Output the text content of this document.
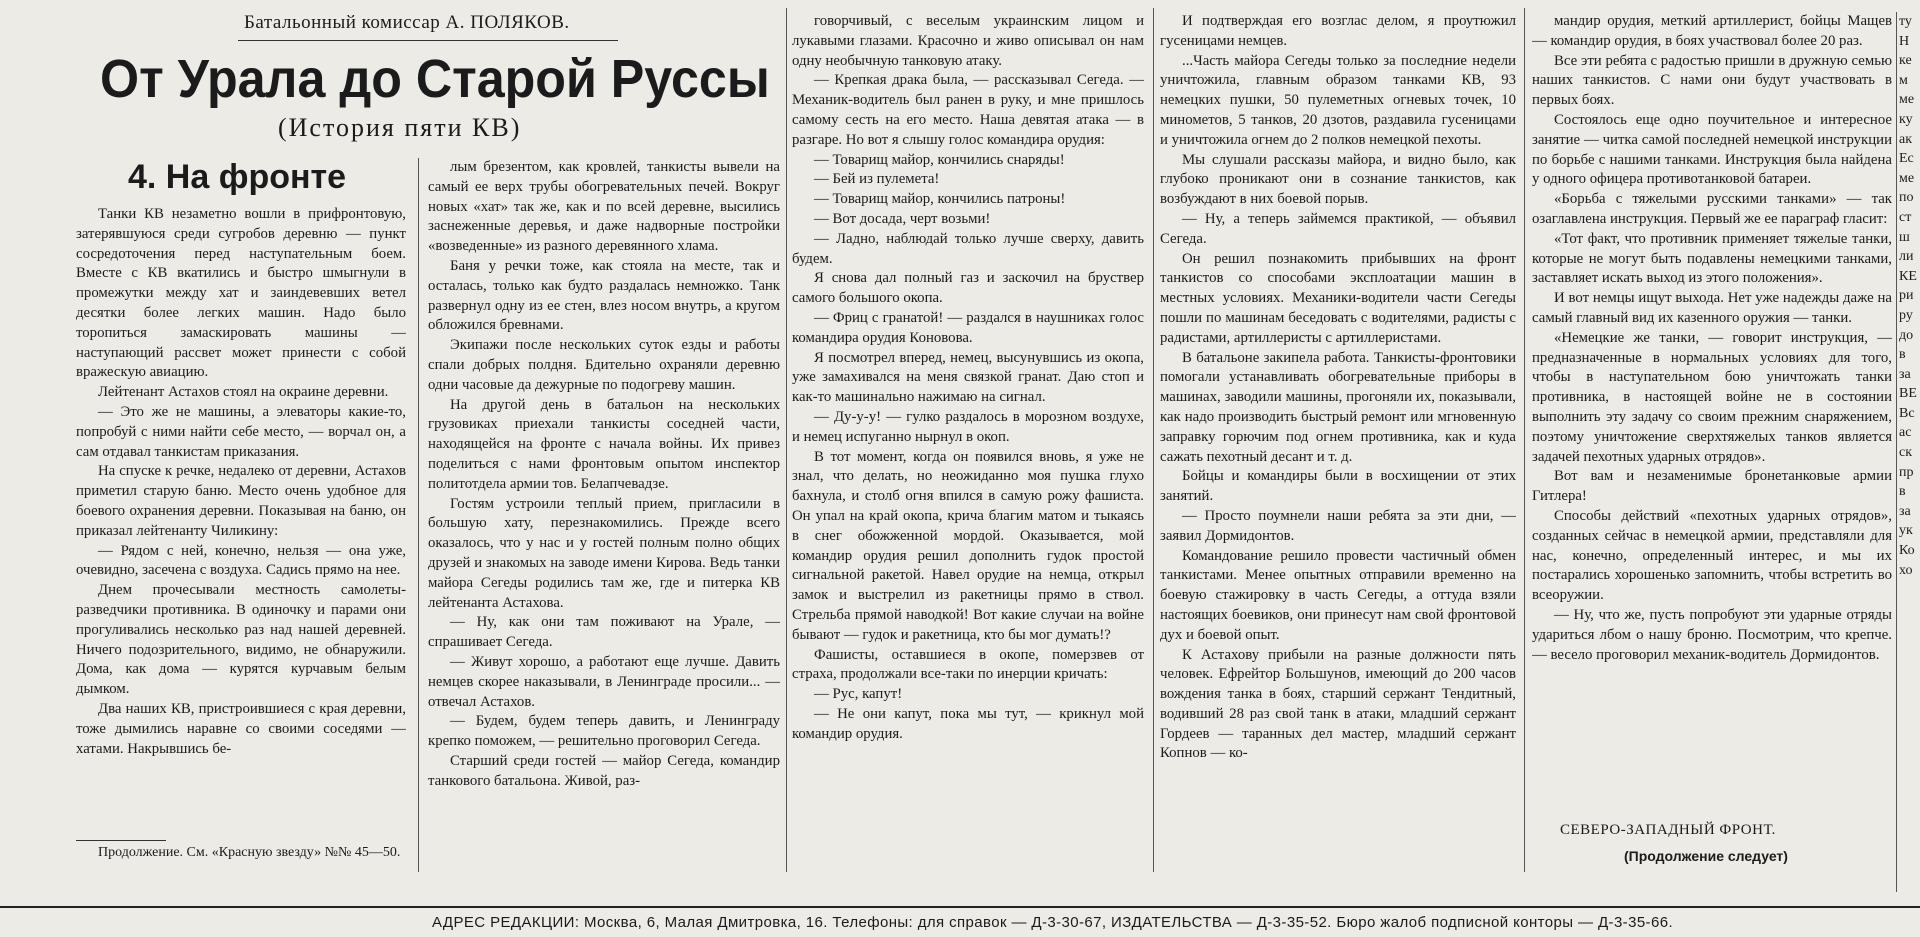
Батальонный комиссар А. ПОЛЯКОВ.
От Урала до Старой Руссы
(История пяти КВ)
4. На фронте

Танки КВ незаметно вошли в прифронтовую, затерявшуюся среди сугробов деревню — пункт сосредоточения перед наступательным боем. Вместе с КВ вкатились и быстро шмыгнули в промежутки между хат и заиндевевших ветел десятки более легких машин. Надо было торопиться замаскировать машины — наступающий рассвет может принести с собой вражескую авиацию.

Лейтенант Астахов стоял на окраине деревни.

— Это же не машины, а элеваторы какие-то, попробуй с ними найти себе место, — ворчал он, а сам отдавал танкистам приказания.

На спуске к речке, недалеко от деревни, Астахов приметил старую баню. Место очень удобное для боевого охранения деревни. Показывая на баню, он приказал лейтенанту Чиликину:

— Рядом с ней, конечно, нельзя — она уже, очевидно, засечена с воздуха. Садись прямо на нее.

Днем прочесывали местность самолеты-разведчики противника. В одиночку и парами они прогуливались несколько раз над нашей деревней. Ничего подозрительного, видимо, не обнаружили. Дома, как дома — курятся курчавым белым дымком.

Два наших КВ, пристроившиеся с края деревни, тоже дымились наравне со своими соседями — хатами. Накрывшись бе-

Продолжение. См. «Красную звезду» №№ 45—50.

лым брезентом, как кровлей, танкисты вывели на самый ее верх трубы обогревательных печей. Вокруг новых «хат» так же, как и по всей деревне, высились заснеженные деревья, и даже надворные постройки «возведенные» из разного деревянного хлама.

Баня у речки тоже, как стояла на месте, так и осталась, только как будто раздалась немножко. Танк развернул одну из ее стен, влез носом внутрь, а кругом обложился бревнами.

Экипажи после нескольких суток езды и работы спали добрых полдня. Бдительно охраняли деревню одни часовые да дежурные по подогреву машин.

На другой день в батальон на нескольких грузовиках приехали танкисты соседней части, находящейся на фронте с начала войны. Их привез поделиться с нами фронтовым опытом инспектор политотдела армии тов. Белапчевадзе.

Гостям устроили теплый прием, пригласили в большую хату, перезнакомились. Прежде всего оказалось, что у нас и у гостей полным полно общих друзей и знакомых на заводе имени Кирова. Ведь танки майора Сегеды родились там же, где и питерка КВ лейтенанта Астахова.

— Ну, как они там поживают на Урале, — спрашивает Сегеда.

— Живут хорошо, а работают еще лучше. Давить немцев скорее наказывали, в Ленинграде просили... — отвечал Астахов.

— Будем, будем теперь давить, и Ленинграду крепко поможем, — решительно проговорил Сегеда.

Старший среди гостей — майор Сегеда, командир танкового батальона. Живой, раз-

говорчивый, с веселым украинским лицом и лукавыми глазами. Красочно и живо описывал он нам одну необычную танковую атаку.

— Крепкая драка была, — рассказывал Сегеда. — Механик-водитель был ранен в руку, и мне пришлось самому сесть на его место. Наша девятая атака — в разгаре. Но вот я слышу голос командира орудия:

— Товарищ майор, кончились снаряды!

— Бей из пулемета!

— Товарищ майор, кончились патроны!

— Вот досада, черт возьми!

— Ладно, наблюдай только лучше сверху, давить будем.

Я снова дал полный газ и заскочил на бруствер самого большого окопа.

— Фриц с гранатой! — раздался в наушниках голос командира орудия Коновова.

Я посмотрел вперед, немец, высунувшись из окопа, уже замахивался на меня связкой гранат. Даю стоп и как-то машинально нажимаю на сигнал.

— Ду-у-у! — гулко раздалось в морозном воздухе, и немец испуганно нырнул в окоп.

В тот момент, когда он появился вновь, я уже не знал, что делать, но неожиданно моя пушка глухо бахнула, и столб огня впился в самую рожу фашиста. Он упал на край окопа, крича благим матом и тыкаясь в снег обожженной мордой. Оказывается, мой командир орудия решил дополнить гудок простой сигнальной ракетой. Навел орудие на немца, открыл замок и выстрелил из ракетницы прямо в ствол. Стрельба прямой наводкой! Вот какие случаи на войне бывают — гудок и ракетница, кто бы мог думать!?

Фашисты, оставшиеся в окопе, померзвев от страха, продолжали все-таки по инерции кричать:

— Рус, капут!

— Не они капут, пока мы тут, — крикнул мой командир орудия.

И подтверждая его возглас делом, я проутюжил гусеницами немцев.

...Часть майора Сегеды только за последние недели уничтожила, главным образом танками КВ, 93 немецких пушки, 50 пулеметных огневых точек, 10 минометов, 5 танков, 20 дзотов, раздавила гусеницами и уничтожила огнем до 2 полков немецкой пехоты.

Мы слушали рассказы майора, и видно было, как глубоко проникают они в сознание танкистов, как возбуждают в них боевой порыв.

— Ну, а теперь займемся практикой, — объявил Сегеда.

Он решил познакомить прибывших на фронт танкистов со способами эксплоатации машин в местных условиях. Механики-водители части Сегеды пошли по машинам беседовать с водителями, радисты с радистами, артиллеристы с артиллеристами.

В батальоне закипела работа. Танкисты-фронтовики помогали устанавливать обогревательные приборы в машинах, заводили машины, прогоняли их, показывали, как надо производить быстрый ремонт или мгновенную заправку горючим под огнем противника, как и куда сажать пехотный десант и т. д.

Бойцы и командиры были в восхищении от этих занятий.

— Просто поумнели наши ребята за эти дни, — заявил Дормидонтов.

Командование решило провести частичный обмен танкистами. Менее опытных отправили временно на боевую стажировку в часть Сегеды, а оттуда взяли настоящих боевиков, они принесут нам свой фронтовой дух и боевой опыт.

К Астахову прибыли на разные должности пять человек. Ефрейтор Большунов, имеющий до 200 часов вождения танка в боях, старший сержант Тендитный, водивший 28 раз свой танк в атаки, младший сержант Гордеев — таранных дел мастер, младший сержант Копнов — ко-

мандир орудия, меткий артиллерист, бойцы Мащев — командир орудия, в боях участвовал более 20 раз.

Все эти ребята с радостью пришли в дружную семью наших танкистов. С нами они будут участвовать в первых боях.

Состоялось еще одно поучительное и интересное занятие — читка самой последней немецкой инструкции по борьбе с нашими танками. Инструкция была найдена у одного офицера противотанковой батареи.

«Борьба с тяжелыми русскими танками» — так озаглавлена инструкция. Первый же ее параграф гласит:

«Тот факт, что противник применяет тяжелые танки, которые не могут быть подавлены немецкими танками, заставляет искать выход из этого положения».

И вот немцы ищут выхода. Нет уже надежды даже на самый главный вид их казенного оружия — танки.

«Немецкие же танки, — говорит инструкция, — предназначенные в нормальных условиях для того, чтобы в наступательном бою уничтожать танки противника, в настоящей войне не в состоянии выполнить эту задачу со своим прежним снаряжением, поэтому уничтожение сверхтяжелых танков является задачей пехотных ударных отрядов».

Вот вам и незаменимые бронетанковые армии Гитлера!

Способы действий «пехотных ударных отрядов», созданных сейчас в немецкой армии, представляли для нас, конечно, определенный интерес, и мы их постарались хорошенько запомнить, чтобы встретить во всеоружии.

— Ну, что же, пусть попробуют эти ударные отряды удариться лбом о нашу броню. Посмотрим, что крепче. — весело проговорил механик-водитель Дормидонтов.

СЕВЕРО-ЗАПАДНЫЙ ФРОНТ.
(Продолжение следует)
ту
Н
ке
м
ме
ку
ак
Ес
ме
по
ст
ш
ли
КЕ
ри
ру
до
в
за
ВЕ
Вс
ас
ск
пр
в
за
ук
Ко
хо
АДРЕС РЕДАКЦИИ: Москва, 6, Малая Дмитровка, 16. Телефоны: для справок — Д-3-30-67, ИЗДАТЕЛЬСТВА — Д-3-35-52. Бюро жалоб подписной конторы — Д-3-35-66.
